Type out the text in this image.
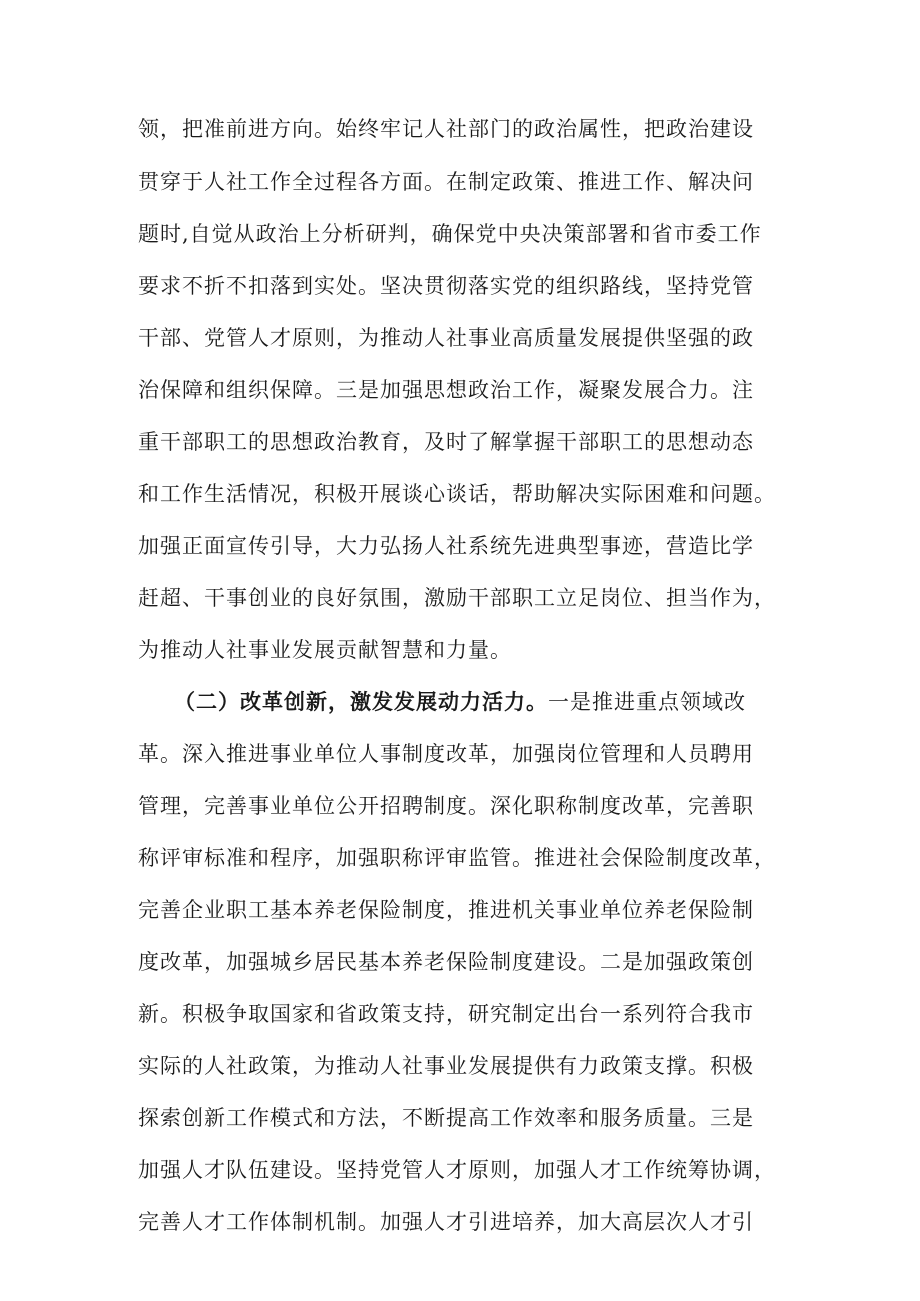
领，把准前进方向。始终牢记人社部门的政治属性，把政治建设
贯穿于人社工作全过程各方面。在制定政策、推进工作、解决问
题时,自觉从政治上分析研判，确保党中央决策部署和省市委工作
要求不折不扣落到实处。坚决贯彻落实党的组织路线，坚持党管
干部、党管人才原则，为推动人社事业高质量发展提供坚强的政
治保障和组织保障。三是加强思想政治工作，凝聚发展合力。注
重干部职工的思想政治教育，及时了解掌握干部职工的思想动态
和工作生活情况，积极开展谈心谈话，帮助解决实际困难和问题。
加强正面宣传引导，大力弘扬人社系统先进典型事迹，营造比学
赶超、干事创业的良好氛围，激励干部职工立足岗位、担当作为，
为推动人社事业发展贡献智慧和力量。
（二）改革创新，激发发展动力活力。一是推进重点领域改
革。深入推进事业单位人事制度改革，加强岗位管理和人员聘用
管理，完善事业单位公开招聘制度。深化职称制度改革，完善职
称评审标准和程序，加强职称评审监管。推进社会保险制度改革，
完善企业职工基本养老保险制度，推进机关事业单位养老保险制
度改革，加强城乡居民基本养老保险制度建设。二是加强政策创
新。积极争取国家和省政策支持，研究制定出台一系列符合我市
实际的人社政策，为推动人社事业发展提供有力政策支撑。积极
探索创新工作模式和方法，不断提高工作效率和服务质量。三是
加强人才队伍建设。坚持党管人才原则，加强人才工作统筹协调，
完善人才工作体制机制。加强人才引进培养，加大高层次人才引
